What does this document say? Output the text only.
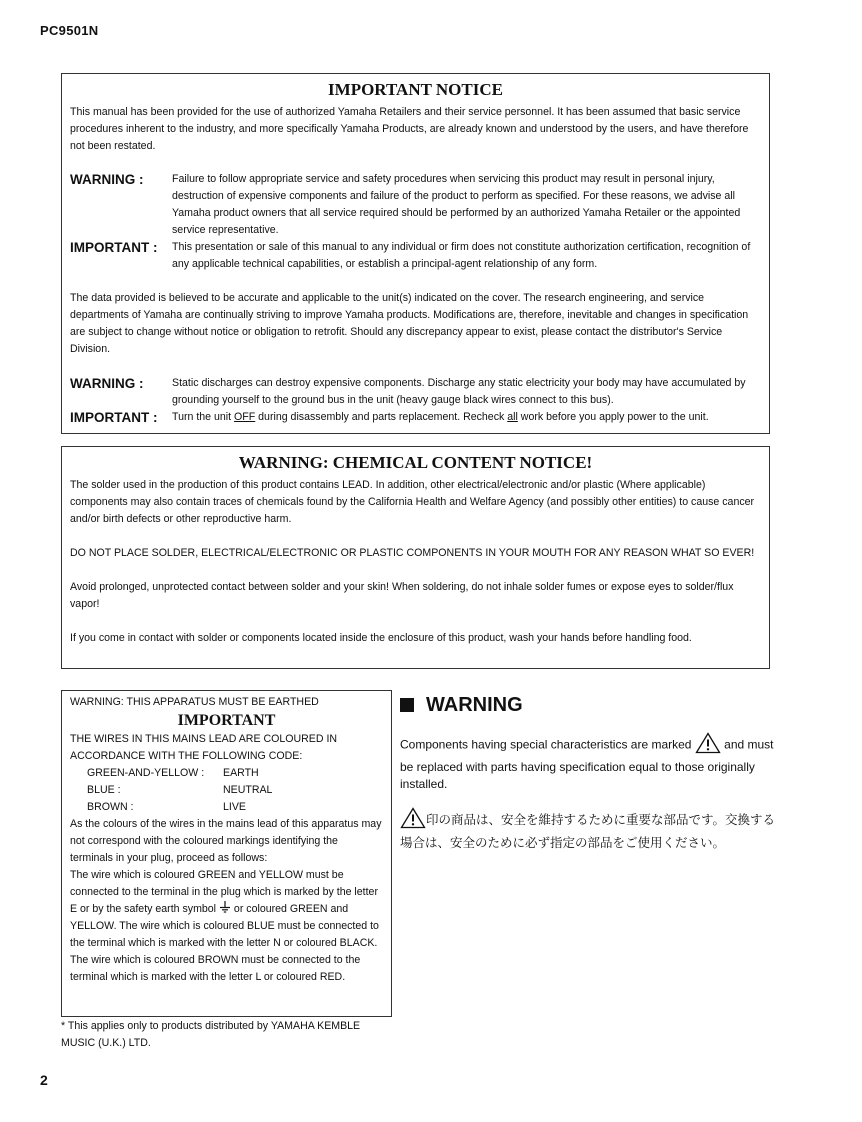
PC9501N
IMPORTANT NOTICE

This manual has been provided for the use of authorized Yamaha Retailers and their service personnel. It has been assumed that basic service procedures inherent to the industry, and more specifically Yamaha Products, are already known and understood by the users, and have therefore not been restated.

WARNING :	Failure to follow appropriate service and safety procedures when servicing this product may result in personal injury, destruction of expensive components and failure of the product to perform as specified. For these reasons, we advise all Yamaha product owners that all service required should be performed by an authorized Yamaha Retailer or the appointed service representative.
IMPORTANT :	This presentation or sale of this manual to any individual or firm does not constitute authorization certification, recognition of any applicable technical capabilities, or establish a principal-agent relationship of any form.

The data provided is believed to be accurate and applicable to the unit(s) indicated on the cover. The research engineering, and service departments of Yamaha are continually striving to improve Yamaha products. Modifications are, therefore, inevitable and changes in specification are subject to change without notice or obligation to retrofit. Should any discrepancy appear to exist, please contact the distributor's Service Division.

WARNING :	Static discharges can destroy expensive components. Discharge any static electricity your body may have accumulated by grounding yourself to the ground bus in the unit (heavy gauge black wires connect to this bus).
IMPORTANT :	Turn the unit OFF during disassembly and parts replacement. Recheck all work before you apply power to the unit.
WARNING: CHEMICAL CONTENT NOTICE!

The solder used in the production of this product contains LEAD. In addition, other electrical/electronic and/or plastic (Where applicable) components may also contain traces of chemicals found by the California Health and Welfare Agency (and possibly other entities) to cause cancer and/or birth defects or other reproductive harm.

DO NOT PLACE SOLDER, ELECTRICAL/ELECTRONIC OR PLASTIC COMPONENTS IN YOUR MOUTH FOR ANY REASON WHAT SO EVER!

Avoid prolonged, unprotected contact between solder and your skin! When soldering, do not inhale solder fumes or expose eyes to solder/flux vapor!

If you come in contact with solder or components located inside the enclosure of this product, wash your hands before handling food.

WARNING: THIS APPARATUS MUST BE EARTHED

IMPORTANT

THE WIRES IN THIS MAINS LEAD ARE COLOURED IN ACCORDANCE WITH THE FOLLOWING CODE:

GREEN-AND-YELLOW :	EARTH
BLUE :	NEUTRAL
BROWN :	LIVE

As the colours of the wires in the mains lead of this apparatus may not correspond with the coloured markings identifying the terminals in your plug, proceed as follows:

The wire which is coloured GREEN and YELLOW must be connected to the terminal in the plug which is marked by the letter E or by the safety earth symbol  or coloured GREEN and YELLOW. The wire which is coloured BLUE must be connected to the terminal which is marked with the letter N or coloured BLACK.

The wire which is coloured BROWN must be connected to the terminal which is marked with the letter L or coloured RED.

* This applies only to products distributed by YAMAHA KEMBLE MUSIC (U.K.) LTD.
WARNING
Components having special characteristics are marked  and must be replaced with parts having specification equal to those originally installed.
印の商品は、安全を維持するために重要な部品です。交換する場合は、安全のために必ず指定の部品をご使用ください。
2
